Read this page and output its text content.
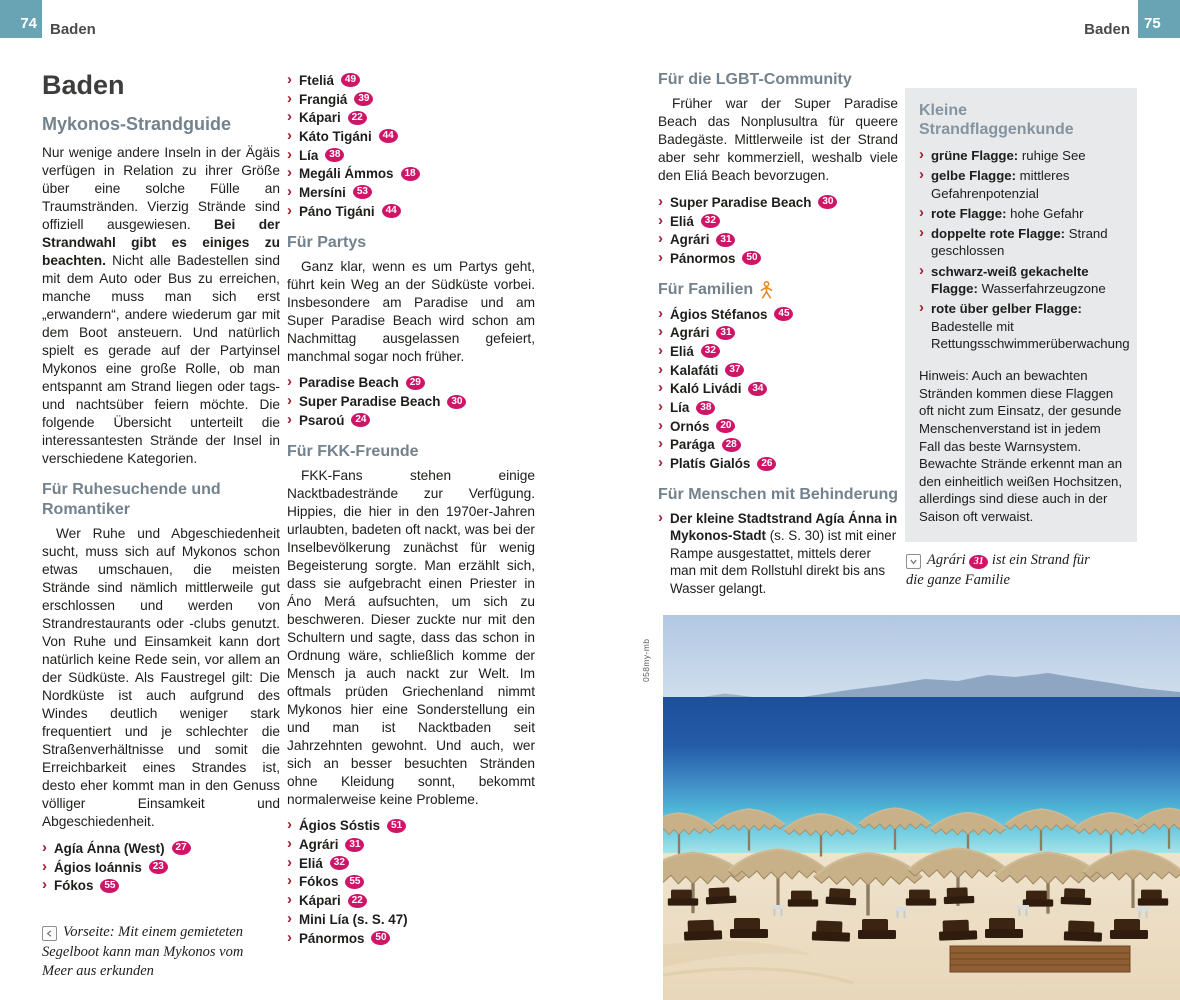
74 Baden	Baden 75
Baden
Mykonos-Strandguide

Nur wenige andere Inseln in der Ägäis verfügen in Relation zu ihrer Größe über eine solche Fülle an Traumstränden. Vierzig Strände sind offiziell ausgewiesen. Bei der Strandwahl gibt es einiges zu beachten. Nicht alle Badestellen sind mit dem Auto oder Bus zu erreichen, manche muss man sich erst „erwandern“, andere wiederum gar mit dem Boot ansteuern. Und natürlich spielt es gerade auf der Partyinsel Mykonos eine große Rolle, ob man entspannt am Strand liegen oder tags- und nachtsüber feiern möchte. Die folgende Übersicht unterteilt die interessantesten Strände der Insel in verschiedene Kategorien.

Für Ruhesuchende und Romantiker

Wer Ruhe und Abgeschiedenheit sucht, muss sich auf Mykonos schon etwas umschauen, die meisten Strände sind nämlich mittlerweile gut erschlossen und werden von Strandrestaurants oder -clubs genutzt. Von Ruhe und Einsamkeit kann dort natürlich keine Rede sein, vor allem an der Südküste. Als Faustregel gilt: Die Nordküste ist auch aufgrund des Windes deutlich weniger stark frequentiert und je schlechter die Straßenverhältnisse und somit die Erreichbarkeit eines Strandes ist, desto eher kommt man in den Genuss völliger Einsamkeit und Abgeschiedenheit.

› Agía Ánna (West)	27
› Ágios Ioánnis	23
› Fókos	55
Vorseite: Mit einem gemieteten Segelboot kann man Mykonos vom Meer aus erkunden
› Fteliá	49
› Frangiá	39
› Kápari	22
› Káto Tigáni	44
› Lía	38
› Megáli Ámmos	18
› Mersíni	53
› Páno Tigáni	44
Für Partys

Ganz klar, wenn es um Partys geht, führt kein Weg an der Südküste vorbei. Insbesondere am Paradise und am Super Paradise Beach wird schon am Nachmittag ausgelassen gefeiert, manchmal sogar noch früher.

› Paradise Beach	29
› Super Paradise Beach	30
› Psaroú	24
Für FKK-Freunde

FKK-Fans stehen einige Nacktbadestrände zur Verfügung. Hippies, die hier in den 1970er-Jahren urlaubten, badeten oft nackt, was bei der Inselbevölkerung zunächst für wenig Begeisterung sorgte. Man erzählt sich, dass sie aufgebracht einen Priester in Áno Merá aufsuchten, um sich zu beschweren. Dieser zuckte nur mit den Schultern und sagte, dass das schon in Ordnung wäre, schließlich komme der Mensch ja auch nackt zur Welt. Im oftmals prüden Griechenland nimmt Mykonos hier eine Sonderstellung ein und man ist Nacktbaden seit Jahrzehnten gewohnt. Und auch, wer sich an besser besuchten Stränden ohne Kleidung sonnt, bekommt normalerweise keine Probleme.

› Ágios Sóstis	51
› Agrári	31
› Eliá	32
› Fókos	55
› Kápari	22
› Mini Lía (s. S. 47)
› Pánormos	50
Für die LGBT-Community

Früher war der Super Paradise Beach das Nonplusultra für queere Badegäste. Mittlerweile ist der Strand aber sehr kommerziell, weshalb viele den Eliá Beach bevorzugen.

› Super Paradise Beach	30
› Eliá	32
› Agrári	31
› Pánormos	50
Für Familien
› Ágios Stéfanos	45
› Agrári	31
› Eliá	32
› Kalafáti	37
› Kaló Livádi	34
› Lía	38
› Ornós	20
› Parága	28
› Platís Gialós	26
Für Menschen mit Behinderung
› Der kleine Stadtstrand Agía Ánna in Mykonos-Stadt (s. S. 30) ist mit einer Rampe ausgestattet, mittels derer man mit dem Rollstuhl direkt bis ans Wasser gelangt.
Kleine Strandflaggenkunde
› grüne Flagge: ruhige See
› gelbe Flagge: mittleres Gefahrenpotenzial
› rote Flagge: hohe Gefahr
› doppelte rote Flagge: Strand geschlossen
› schwarz-weiß gekachelte Flagge: Wasserfahrzeugzone
› rote über gelber Flagge: Badestelle mit Rettungsschwimmerüberwachung
Hinweis: Auch an bewachten Stränden kommen diese Flaggen oft nicht zum Einsatz, der gesunde Menschenverstand ist in jedem Fall das beste Warnsystem. Bewachte Strände erkennt man an den einheitlich weißen Hochsitzen, allerdings sind diese auch in der Saison oft verwaist.
Agrári 31 ist ein Strand für die ganze Familie
058my-mb
